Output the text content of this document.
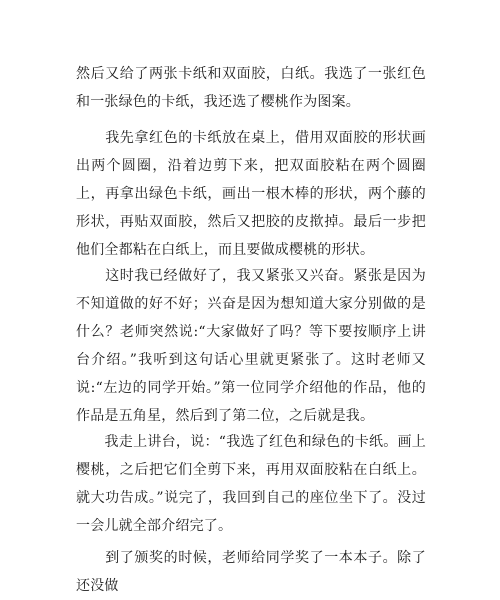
然后又给了两张卡纸和双面胶，白纸。我选了一张红色和一张绿色的卡纸，我还选了樱桃作为图案。

　　我先拿红色的卡纸放在桌上，借用双面胶的形状画出两个圆圈，沿着边剪下来，把双面胶粘在两个圆圈上，再拿出绿色卡纸，画出一根木棒的形状，两个藤的形状，再贴双面胶，然后又把胶的皮揿掉。最后一步把他们全都粘在白纸上，而且要做成樱桃的形状。

　　这时我已经做好了，我又紧张又兴奋。紧张是因为不知道做的好不好；兴奋是因为想知道大家分别做的是什么？老师突然说:“大家做好了吗？等下要按顺序上讲台介绍。”我听到这句话心里就更紧张了。这时老师又说:“左边的同学开始。”第一位同学介绍他的作品，他的作品是五角星，然后到了第二位，之后就是我。

　　我走上讲台，说：“我选了红色和绿色的卡纸。画上樱桃，之后把它们全剪下来，再用双面胶粘在白纸上。就大功告成。”说完了，我回到自己的座位坐下了。没过一会儿就全部介绍完了。

　　到了颁奖的时候，老师给同学奖了一本本子。除了还没做
